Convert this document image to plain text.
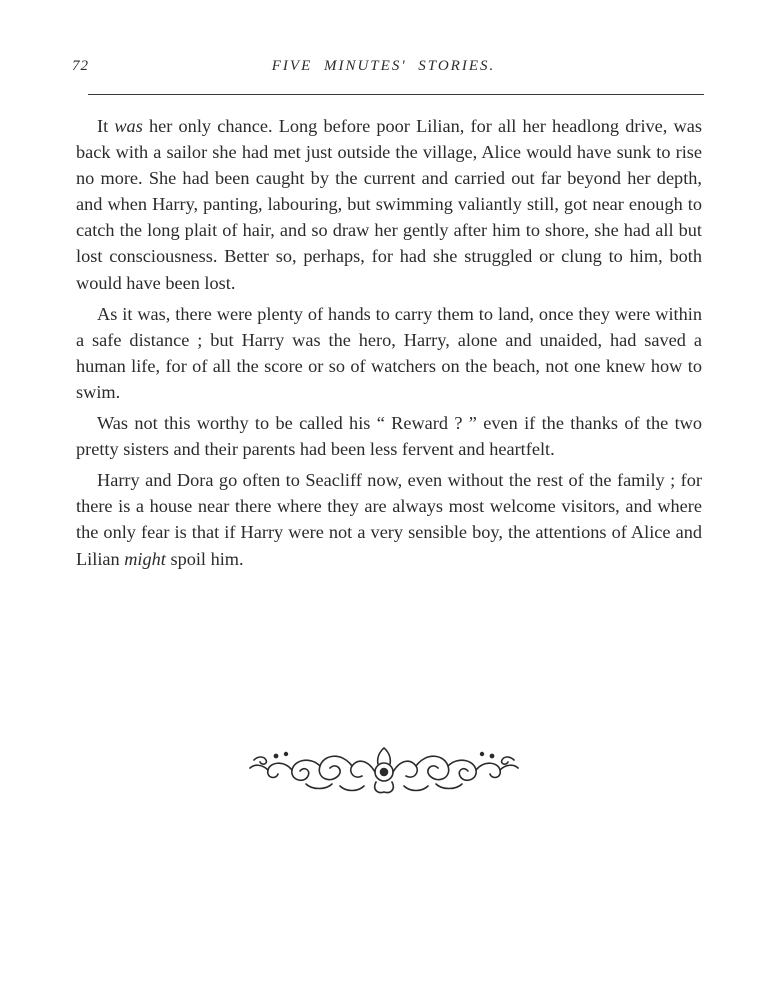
72	FIVE MINUTES' STORIES.

It was her only chance. Long before poor Lilian, for all her headlong drive, was back with a sailor she had met just outside the village, Alice would have sunk to rise no more. She had been caught by the current and carried out far beyond her depth, and when Harry, panting, labouring, but swimming valiantly still, got near enough to catch the long plait of hair, and so draw her gently after him to shore, she had all but lost consciousness. Better so, perhaps, for had she struggled or clung to him, both would have been lost.

As it was, there were plenty of hands to carry them to land, once they were within a safe distance ; but Harry was the hero, Harry, alone and unaided, had saved a human life, for of all the score or so of watchers on the beach, not one knew how to swim.

Was not this worthy to be called his “ Reward ? ” even if the thanks of the two pretty sisters and their parents had been less fervent and heartfelt.

Harry and Dora go often to Seacliff now, even without the rest of the family ; for there is a house near there where they are always most welcome visitors, and where the only fear is that if Harry were not a very sensible boy, the attentions of Alice and Lilian might spoil him.
